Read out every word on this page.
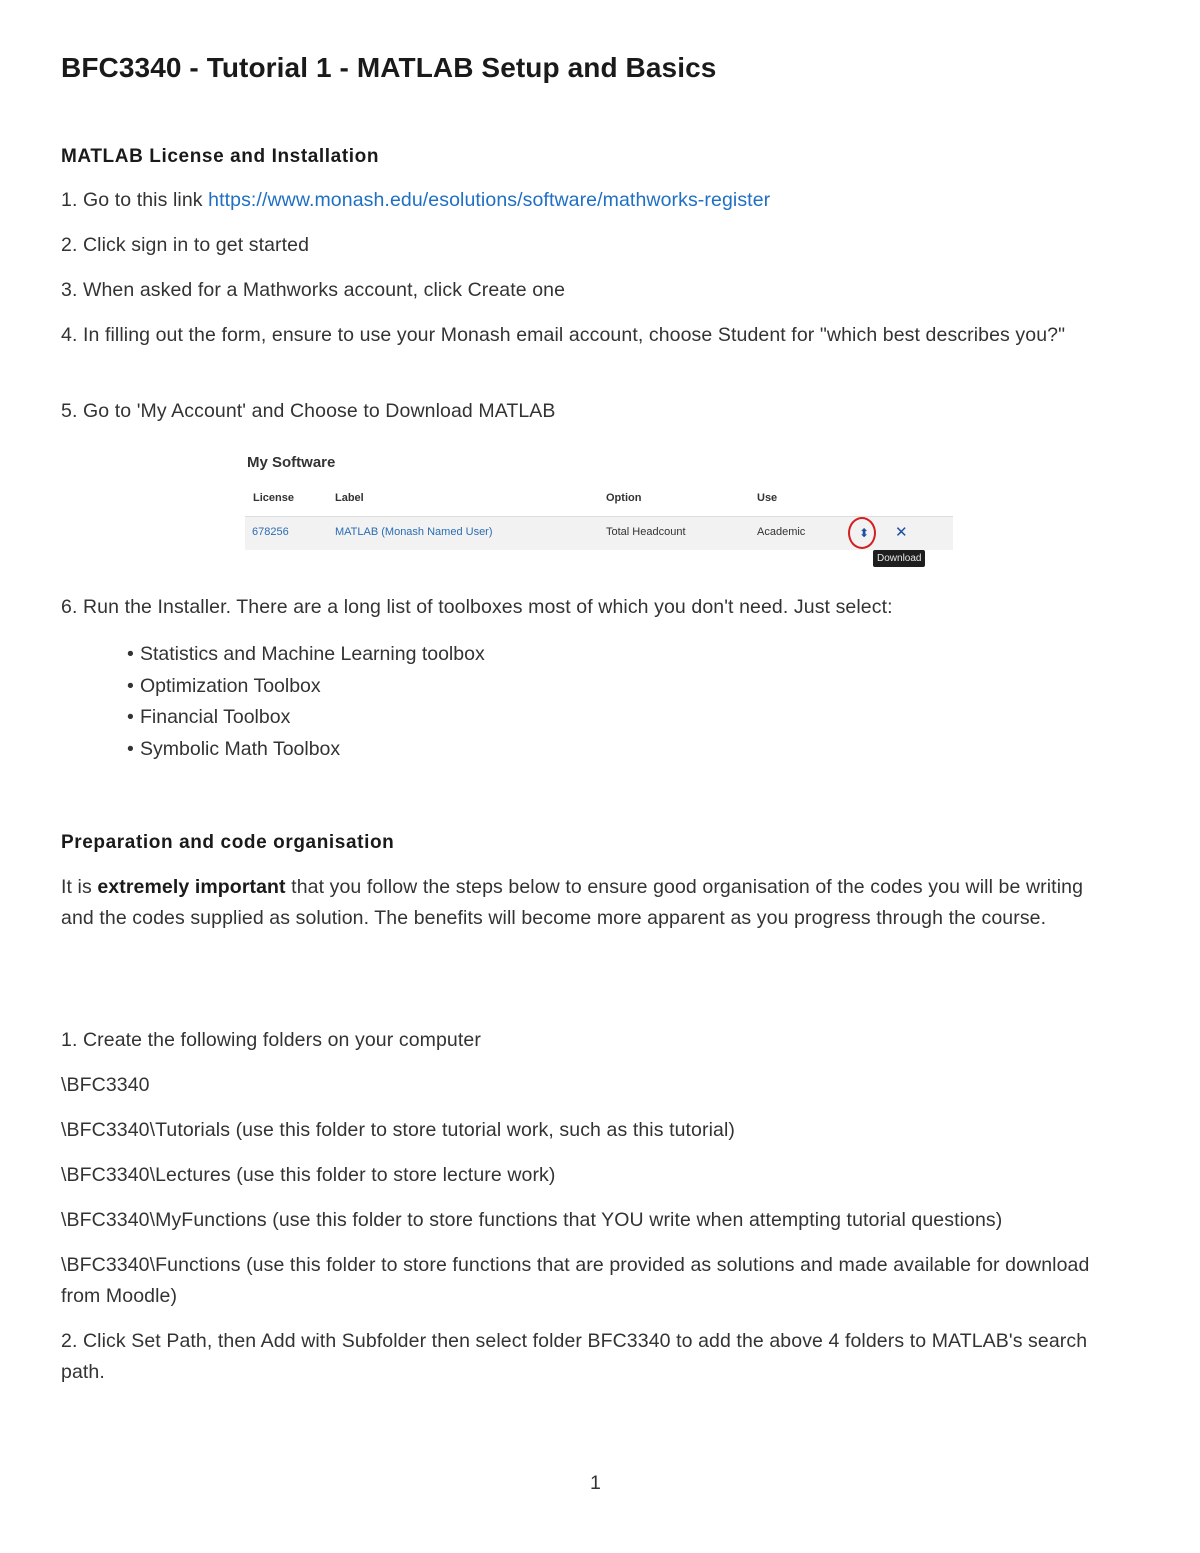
BFC3340 - Tutorial 1 - MATLAB Setup and Basics
MATLAB License and Installation

1. Go to this link https://www.monash.edu/esolutions/software/mathworks-register

2. Click sign in to get started

3. When asked for a Mathworks account, click Create one

4. In filling out the form, ensure to use your Monash email account, choose Student for "which best describes you?"

5. Go to 'My Account' and Choose to Download MATLAB

6. Run the Installer. There are a long list of toolboxes most of which you don't need. Just select:

• Statistics and Machine Learning toolbox
• Optimization Toolbox
• Financial Toolbox
• Symbolic Math Toolbox
Preparation and code organisation

It is extremely important that you follow the steps below to ensure good organisation of the codes you will be writing and the codes supplied as solution. The benefits will become more apparent as you progress through the course.

1. Create the following folders on your computer

\BFC3340

\BFC3340\Tutorials (use this folder to store tutorial work, such as this tutorial)

\BFC3340\Lectures (use this folder to store lecture work)

\BFC3340\MyFunctions (use this folder to store functions that YOU write when attempting tutorial questions)

\BFC3340\Functions (use this folder to store functions that are provided as solutions and made available for download from Moodle)

2. Click Set Path, then Add with Subfolder then select folder BFC3340 to add the above 4 folders to MATLAB's search path.

My Software
License	Label	Option	Use
678256	MATLAB (Monash Named User)	Total Headcount	Academic	⬍ ✕
Download
1
